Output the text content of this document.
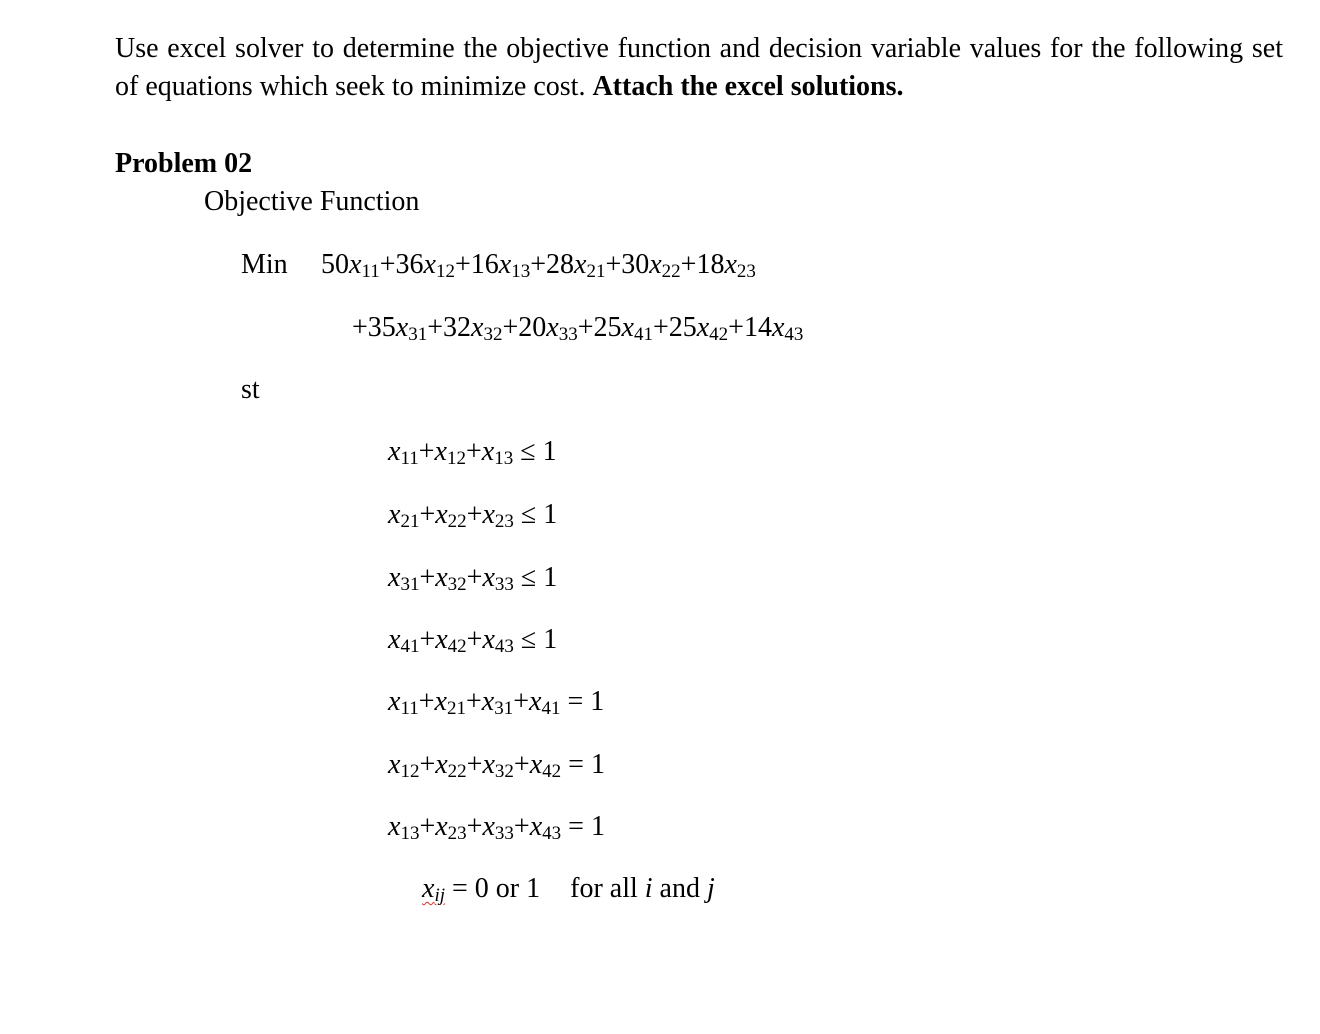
Use excel solver to determine the objective function and decision variable values for the following set of equations which seek to minimize cost. Attach the excel solutions.

Problem 02
Objective Function
Min $50x_{11}+36x_{12}+16x_{13}+28x_{21}+30x_{22}+18x_{23}$
$+35x_{31}+32x_{32}+20x_{33}+25x_{41}+25x_{42}+14x_{43}$
st
$x_{11}+x_{12}+x_{13} \le 1$
$x_{21}+x_{22}+x_{23} \le 1$
$x_{31}+x_{32}+x_{33} \le 1$
$x_{41}+x_{42}+x_{43} \le 1$
$x_{11}+x_{21}+x_{31}+x_{41} = 1$
$x_{12}+x_{22}+x_{32}+x_{42} = 1$
$x_{13}+x_{23}+x_{33}+x_{43} = 1$
xij = 0 or 1 for all i and j
